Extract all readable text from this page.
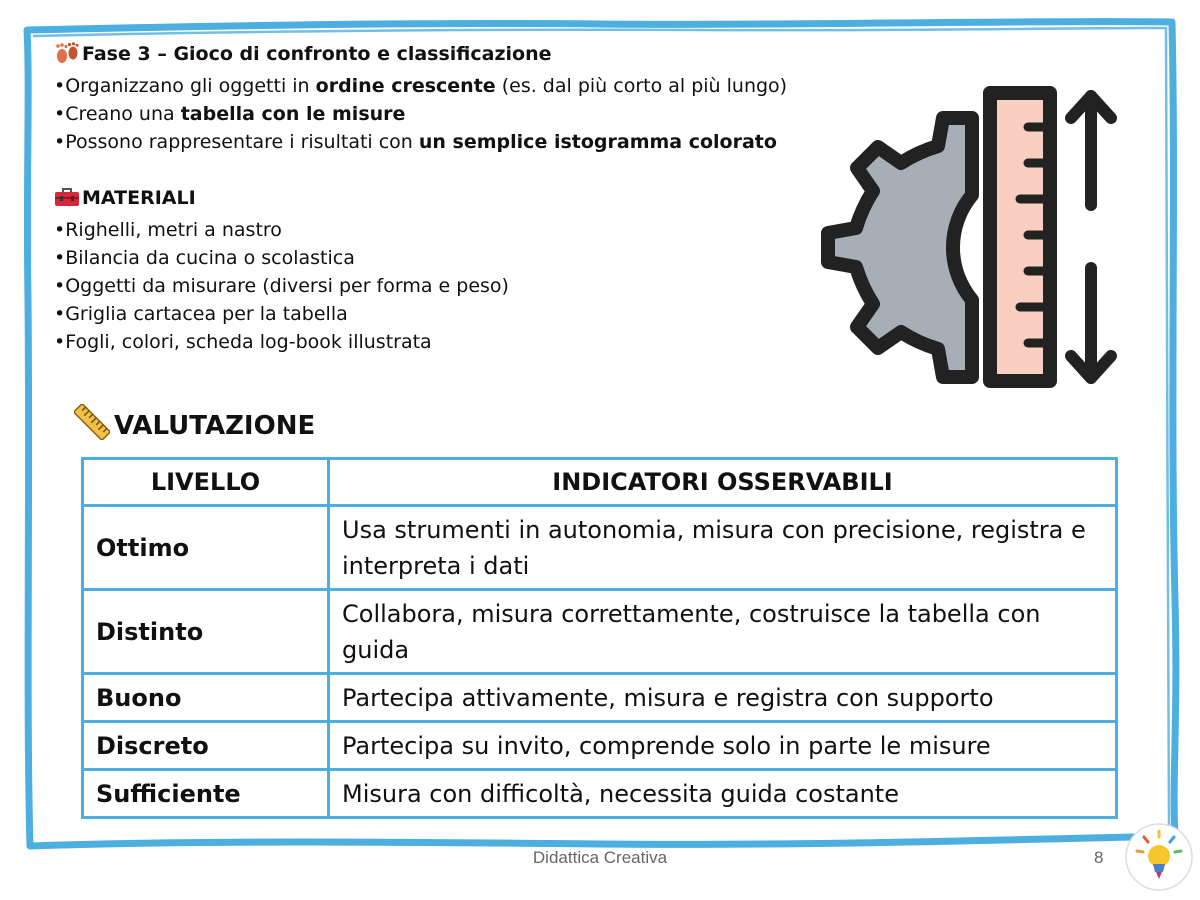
Fase 3 – Gioco di confronto e classificazione
•Organizzano gli oggetti in ordine crescente (es. dal più corto al più lungo)
•Creano una tabella con le misure
•Possono rappresentare i risultati con un semplice istogramma colorato
MATERIALI
•Righelli, metri a nastro
•Bilancia da cucina o scolastica
•Oggetti da misurare (diversi per forma e peso)
•Griglia cartacea per la tabella
•Fogli, colori, scheda log-book illustrata
VALUTAZIONE
LIVELLO	INDICATORI OSSERVABILI
Ottimo	Usa strumenti in autonomia, misura con precisione, registra e interpreta i dati
Distinto	Collabora, misura correttamente, costruisce la tabella con guida
Buono	Partecipa attivamente, misura e registra con supporto
Discreto	Partecipa su invito, comprende solo in parte le misure
Sufficiente	Misura con difficoltà, necessita guida costante
Didattica Creativa	8
